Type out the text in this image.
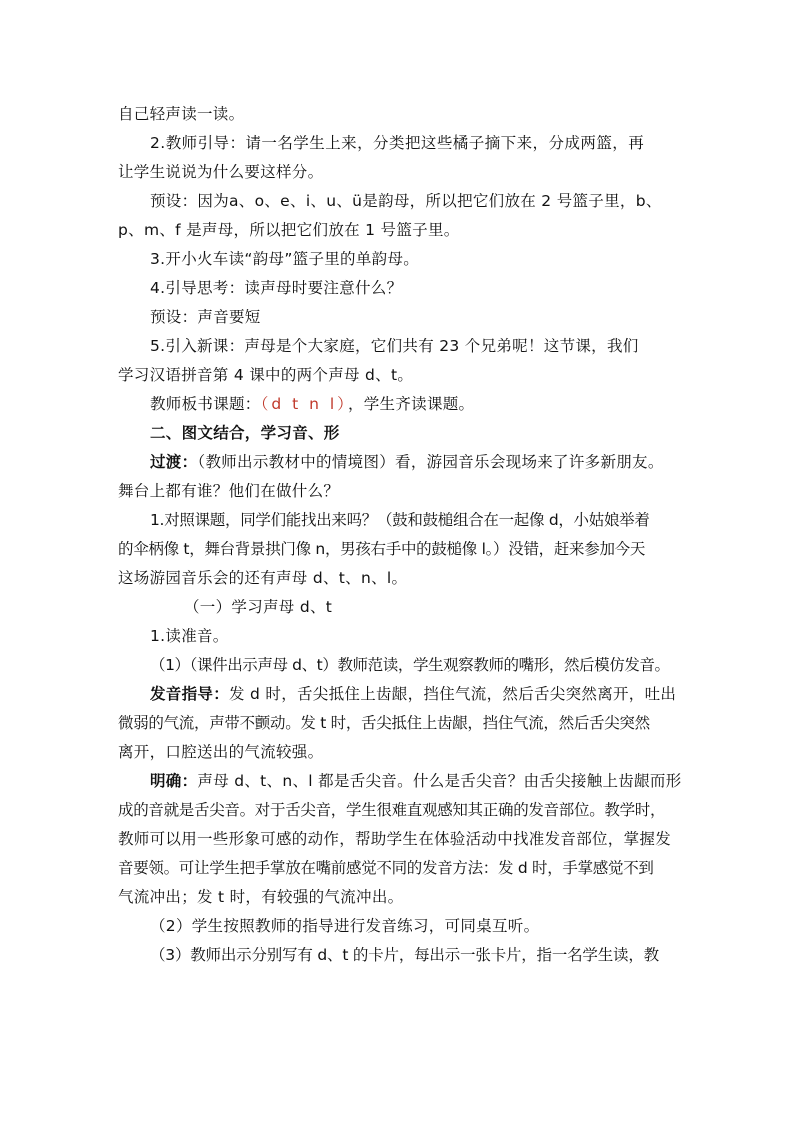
自己轻声读一读。
2.教师引导：请一名学生上来，分类把这些橘子摘下来，分成两篮，再
让学生说说为什么要这样分。
预设：因为a、o、e、i、u、ü是韵母，所以把它们放在 2 号篮子里，b、
p、m、f 是声母，所以把它们放在 1 号篮子里。
3.开小火车读“韵母”篮子里的单韵母。
4.引导思考：读声母时要注意什么？
预设：声音要短
5.引入新课：声母是个大家庭，它们共有 23 个兄弟呢！这节课，我们
学习汉语拼音第 4 课中的两个声母 d、t。
教师板书课题：（d t n l），学生齐读课题。
二、图文结合，学习音、形
过渡：（教师出示教材中的情境图）看，游园音乐会现场来了许多新朋友。
舞台上都有谁？他们在做什么？
1.对照课题，同学们能找出来吗？（鼓和鼓槌组合在一起像 d，小姑娘举着
的伞柄像 t，舞台背景拱门像 n，男孩右手中的鼓槌像 l。）没错，赶来参加今天
这场游园音乐会的还有声母 d、t、n、l。
（一）学习声母 d、t
1.读准音。
（1）（课件出示声母 d、t）教师范读，学生观察教师的嘴形，然后模仿发音。
发音指导：发 d 时，舌尖抵住上齿龈，挡住气流，然后舌尖突然离开，吐出
微弱的气流，声带不颤动。发 t 时，舌尖抵住上齿龈，挡住气流，然后舌尖突然
离开，口腔送出的气流较强。
明确：声母 d、t、n、l 都是舌尖音。什么是舌尖音？由舌尖接触上齿龈而形
成的音就是舌尖音。对于舌尖音，学生很难直观感知其正确的发音部位。教学时，
教师可以用一些形象可感的动作，帮助学生在体验活动中找准发音部位，掌握发
音要领。可让学生把手掌放在嘴前感觉不同的发音方法：发 d 时，手掌感觉不到
气流冲出；发 t 时，有较强的气流冲出。
（2）学生按照教师的指导进行发音练习，可同桌互听。
（3）教师出示分别写有 d、t 的卡片，每出示一张卡片，指一名学生读，教
